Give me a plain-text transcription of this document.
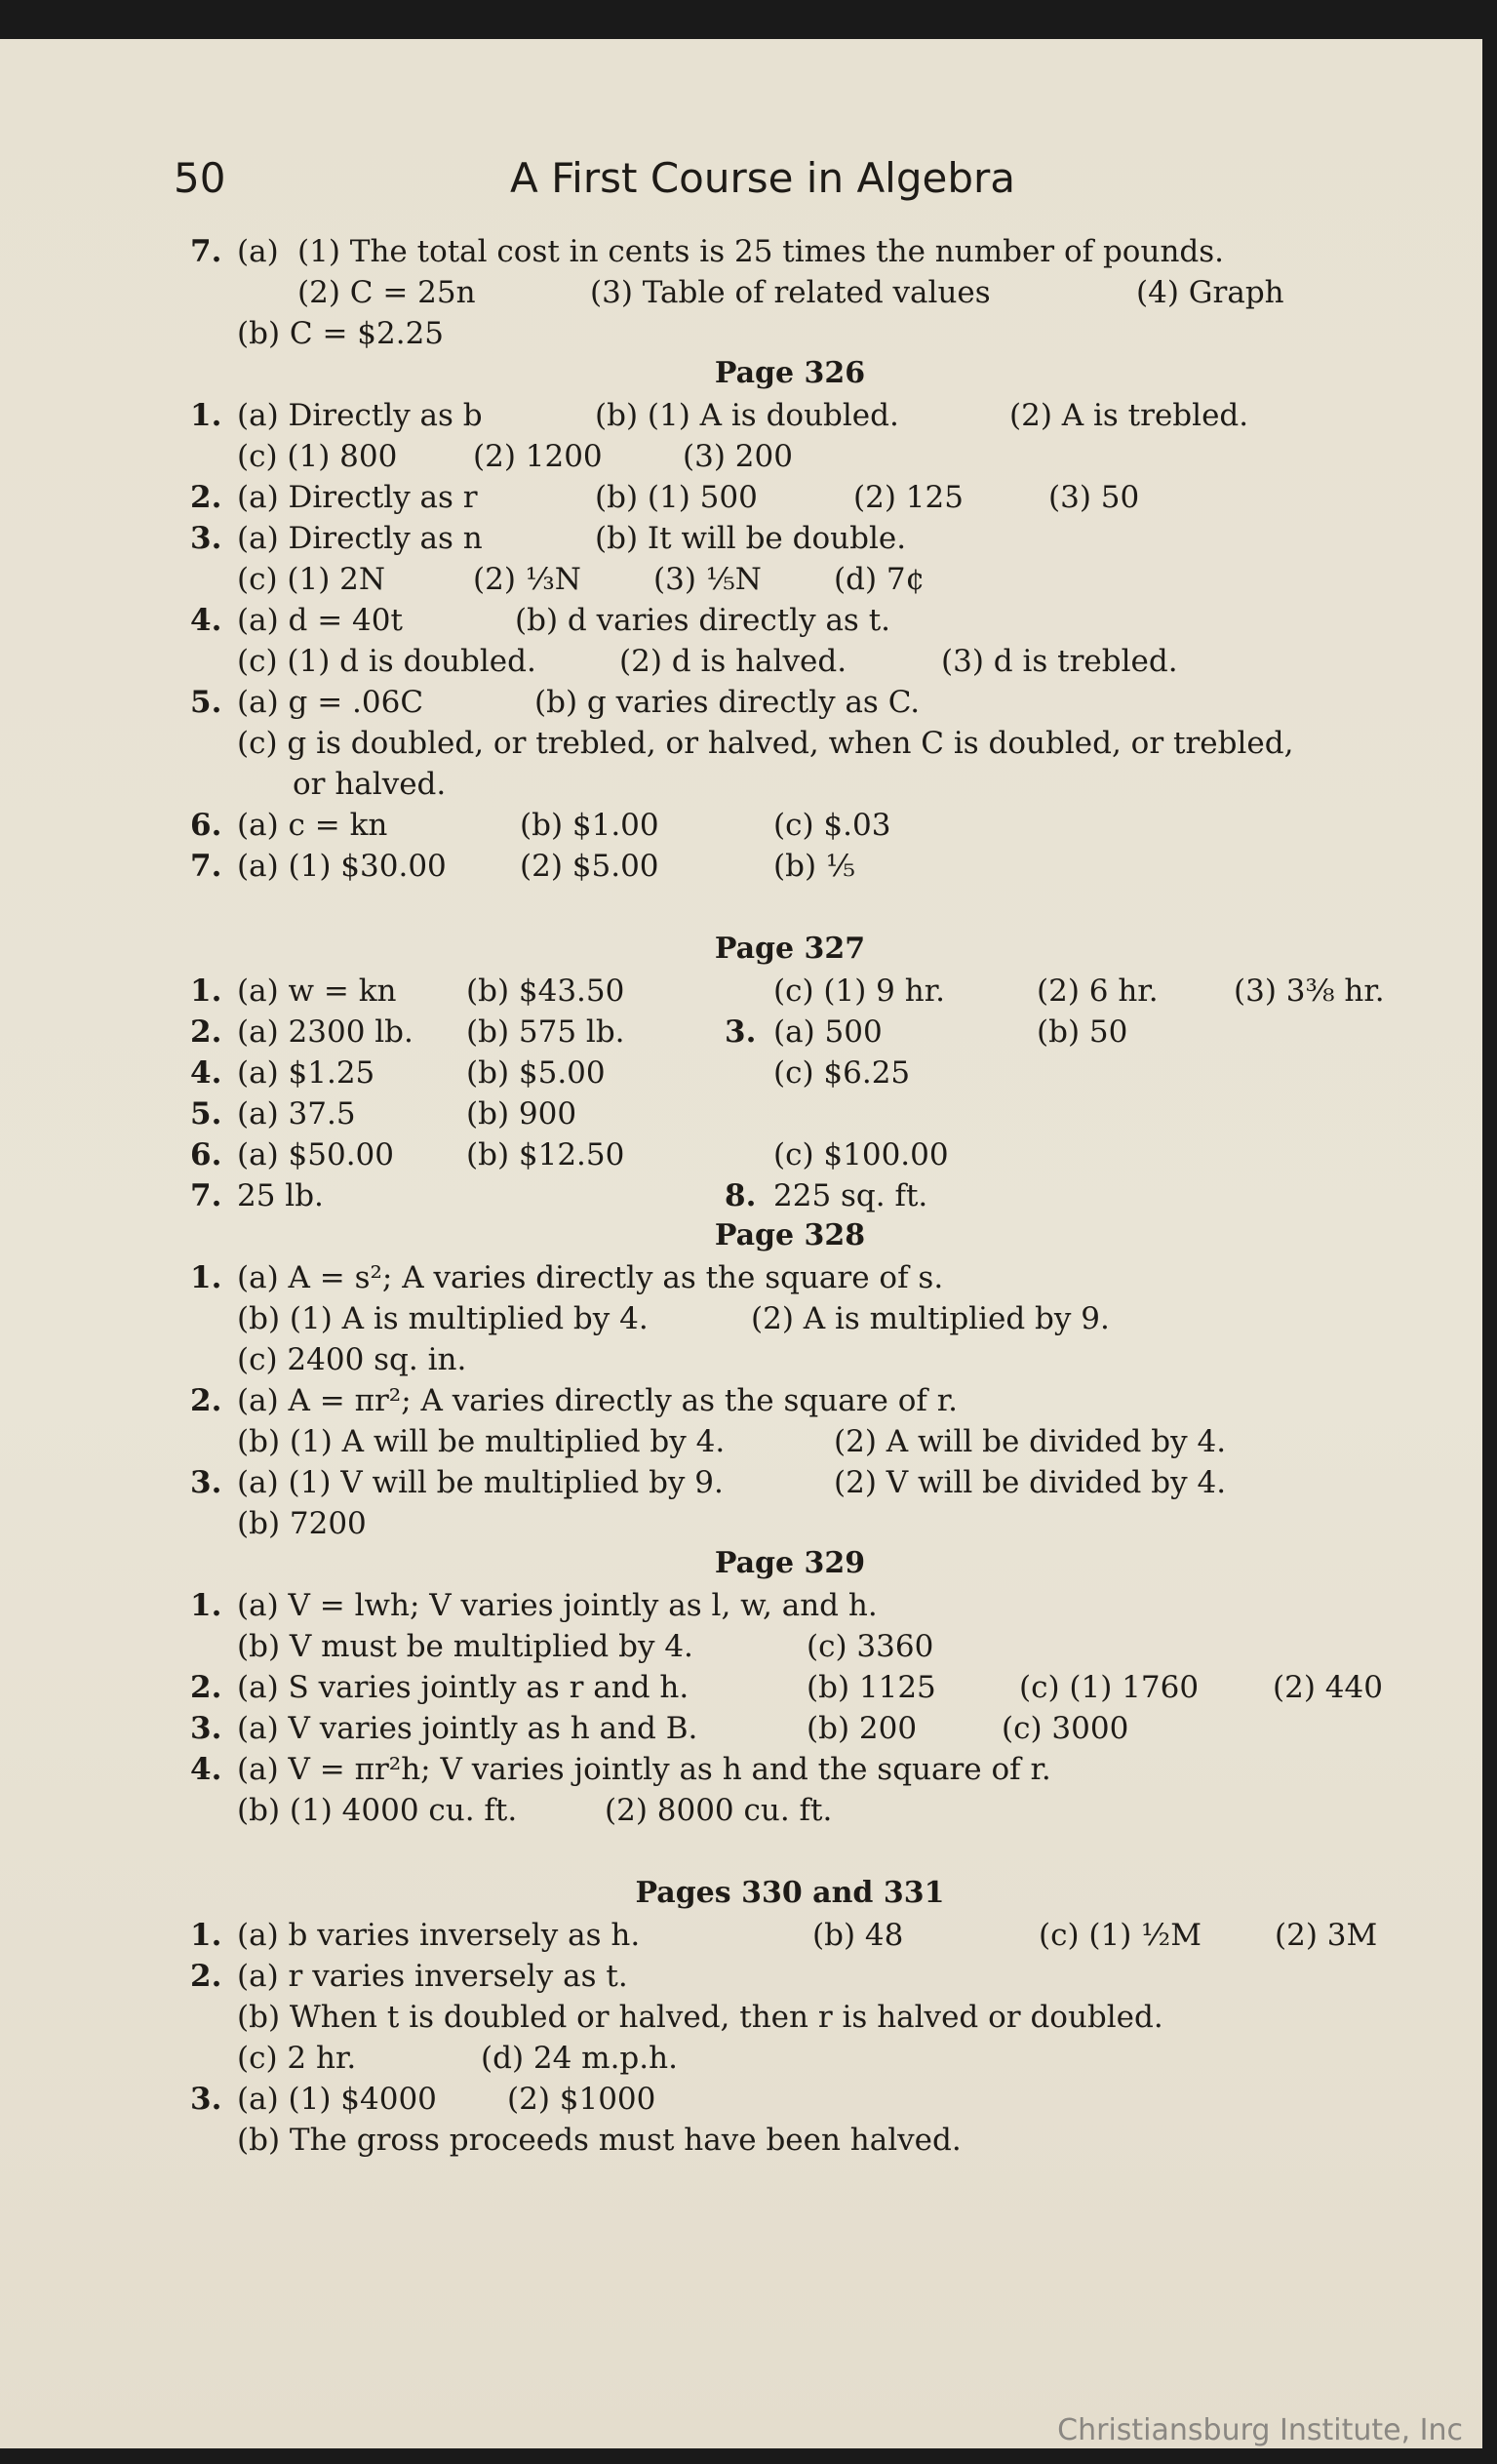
50	A First Course in Algebra
7. (a) (1) The total cost in cents is 25 times the number of pounds.
(2) C = 25n	(3) Table of related values	(4) Graph
(b) C = $2.25
Page 326
1. (a) Directly as b	(b) (1) A is doubled.	(2) A is trebled.
(c) (1) 800	(2) 1200	(3) 200
2. (a) Directly as r	(b) (1) 500	(2) 125	(3) 50
3. (a) Directly as n	(b) It will be double.
(c) (1) 2N	(2) ⅓N (3) ⅕N (d) 7¢
4. (a) d = 40t	(b) d varies directly as t.
(c) (1) d is doubled.	(2) d is halved.	(3) d is trebled.
5. (a) g = .06C	(b) g varies directly as C.
(c) g is doubled, or trebled, or halved, when C is doubled, or trebled,
or halved.
6. (a) c = kn	(b) $1.00	(c) $.03
7. (a) (1) $30.00 (2) $5.00	(b) ⅕
Page 327
1. (a) w = kn (b) $43.50	(c) (1) 9 hr.	(2) 6 hr. (3) 3⅜ hr.
2. (a) 2300 lb. (b) 575 lb.	3. (a) 500	(b) 50
4. (a) $1.25	(b) $5.00	(c) $6.25
5. (a) 37.5	(b) 900
6. (a) $50.00 (b) $12.50	(c) $100.00
7. 25 lb.	8. 225 sq. ft.
Page 328
1. (a) A = s²; A varies directly as the square of s.
(b) (1) A is multiplied by 4.	(2) A is multiplied by 9.
(c) 2400 sq. in.
2. (a) A = πr²; A varies directly as the square of r.
(b) (1) A will be multiplied by 4.	(2) A will be divided by 4.
3. (a) (1) V will be multiplied by 9.	(2) V will be divided by 4.
(b) 7200
Page 329
1. (a) V = lwh; V varies jointly as l, w, and h.
(b) V must be multiplied by 4.	(c) 3360
2. (a) S varies jointly as r and h.	(b) 1125	(c) (1) 1760 (2) 440
3. (a) V varies jointly as h and B.	(b) 200	(c) 3000
4. (a) V = πr²h; V varies jointly as h and the square of r.
(b) (1) 4000 cu. ft.	(2) 8000 cu. ft.
Pages 330 and 331
1. (a) b varies inversely as h.	(b) 48	(c) (1) ½M (2) 3M
2. (a) r varies inversely as t.
(b) When t is doubled or halved, then r is halved or doubled.
(c) 2 hr.	(d) 24 m.p.h.
3. (a) (1) $4000 (2) $1000
(b) The gross proceeds must have been halved.
Christiansburg Institute, Inc
